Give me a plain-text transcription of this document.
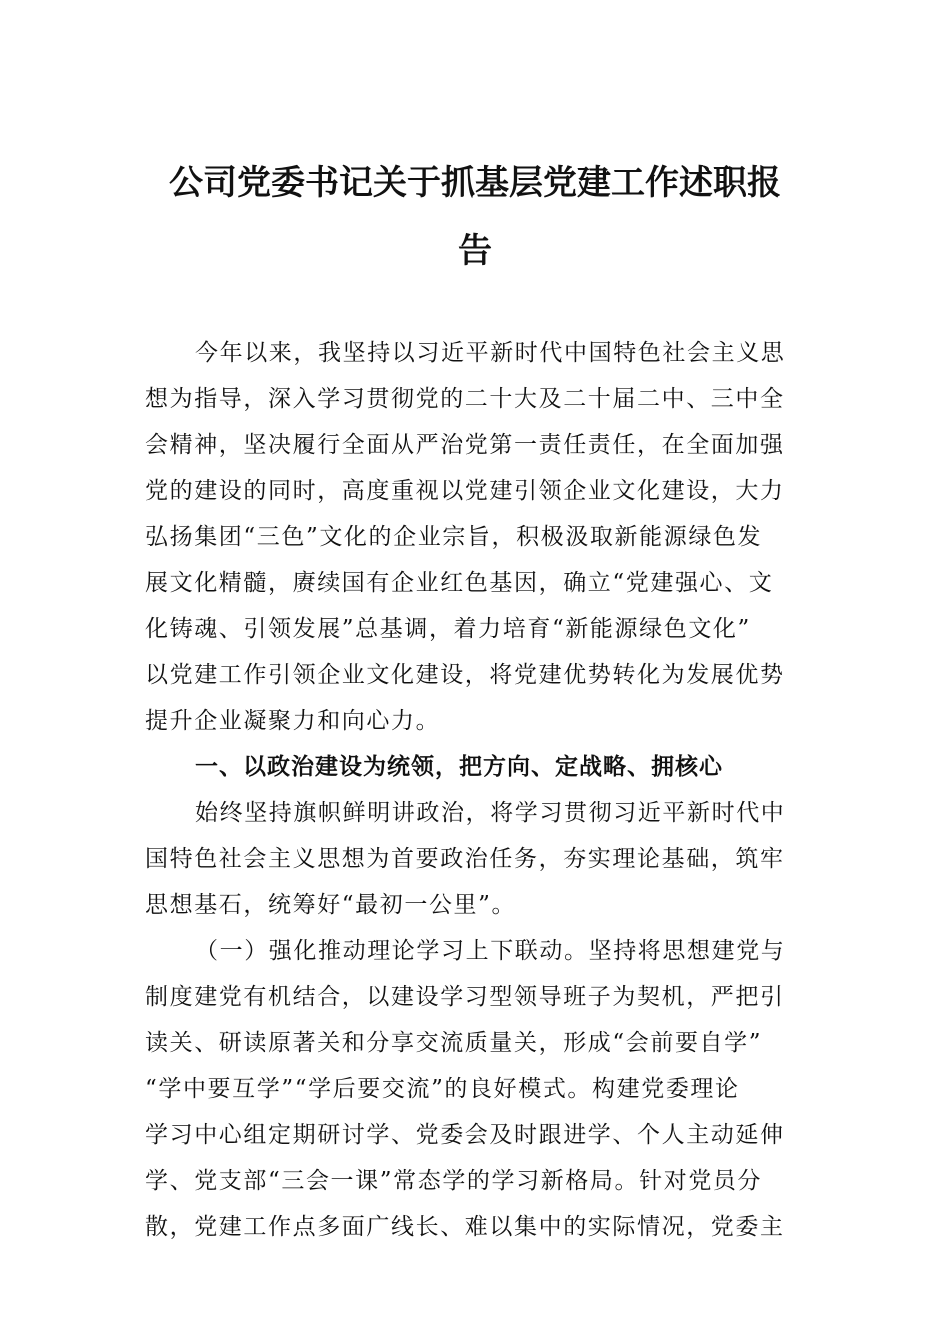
公司党委书记关于抓基层党建工作述职报
告
今年以来，我坚持以习近平新时代中国特色社会主义思
想为指导，深入学习贯彻党的二十大及二十届二中、三中全
会精神，坚决履行全面从严治党第一责任责任，在全面加强
党的建设的同时，高度重视以党建引领企业文化建设，大力
弘扬集团“三色”文化的企业宗旨，积极汲取新能源绿色发
展文化精髓，赓续国有企业红色基因，确立“党建强心、文
化铸魂、引领发展”总基调，着力培育“新能源绿色文化”
以党建工作引领企业文化建设，将党建优势转化为发展优势
提升企业凝聚力和向心力。
一、以政治建设为统领，把方向、定战略、拥核心
始终坚持旗帜鲜明讲政治，将学习贯彻习近平新时代中
国特色社会主义思想为首要政治任务，夯实理论基础，筑牢
思想基石，统筹好“最初一公里”。
（一）强化推动理论学习上下联动。坚持将思想建党与
制度建党有机结合，以建设学习型领导班子为契机，严把引
读关、研读原著关和分享交流质量关，形成“会前要自学”
“学中要互学”“学后要交流”的良好模式。构建党委理论
学习中心组定期研讨学、党委会及时跟进学、个人主动延伸
学、党支部“三会一课”常态学的学习新格局。针对党员分
散，党建工作点多面广线长、难以集中的实际情况，党委主
